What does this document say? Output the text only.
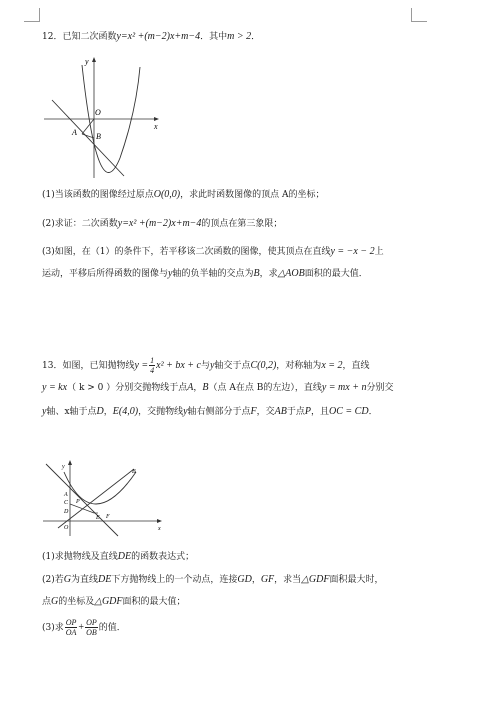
12．已知二次函数y=x² +(m−2)x+m−4．其中m > 2．
y
x
O
A B
(1)当该函数的图像经过原点O(0,0)，求此时函数图像的顶点 A的坐标；
(2)求证：二次函数y=x² +(m−2)x+m−4的顶点在第三象限；
(3)如图，在（1）的条件下，若平移该二次函数的图像，使其顶点在直线y = −x − 2上
运动，平移后所得函数的图像与y轴的负半轴的交点为B，求△AOB面积的最大值．
13．如图，已知抛物线$y = \frac{1}{4} x^2$ + bx + c与y轴交于点C(0,2)，对称轴为x = 2，直线
y = kx（ k > 0 ）分别交抛物线于点A，B（点 A在点 B的左边），直线y = mx + n分别交
y轴、x轴于点D，E(4,0)，交抛物线y轴右侧部分于点F，交AB于点P，且OC = CD．
y
x
O
B
A
C
D
P
E F
(1)求抛物线及直线DE的函数表达式；
(2)若G为直线DE下方抛物线上的一个动点，连接GD，GF，求当△GDF面积最大时，
点G的坐标及△GDF面积的最大值；
(3)求 $\frac{OP}{OA} + \frac{OP}{OB}$ 的值．
